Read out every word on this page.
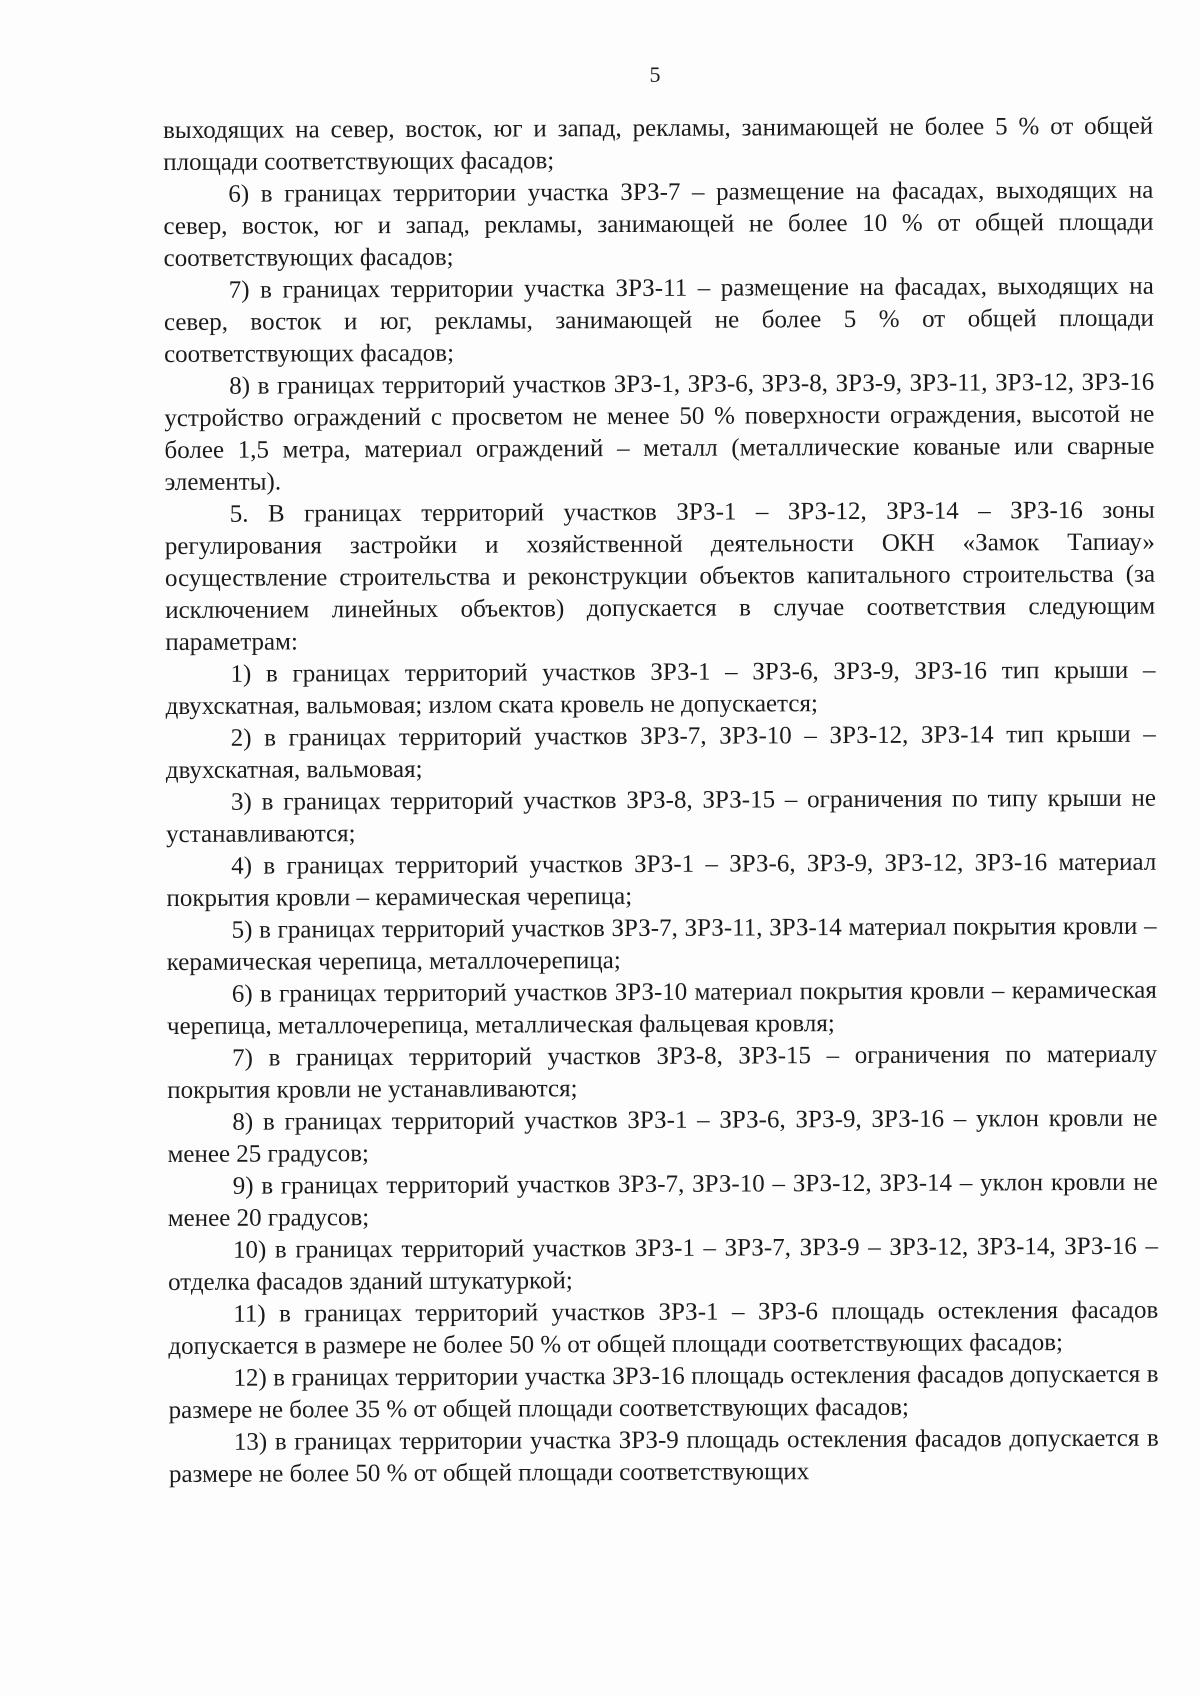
5

выходящих на север, восток, юг и запад, рекламы, занимающей не более 5 % от общей площади соответствующих фасадов;

6) в границах территории участка ЗРЗ-7 – размещение на фасадах, выходящих на север, восток, юг и запад, рекламы, занимающей не более 10 % от общей площади соответствующих фасадов;

7) в границах территории участка ЗРЗ-11 – размещение на фасадах, выходящих на север, восток и юг, рекламы, занимающей не более 5 % от общей площади соответствующих фасадов;

8) в границах территорий участков ЗРЗ-1, ЗРЗ-6, ЗРЗ-8, ЗРЗ-9, ЗРЗ-11, ЗРЗ-12, ЗРЗ-16 устройство ограждений с просветом не менее 50 % поверхности ограждения, высотой не более 1,5 метра, материал ограждений – металл (металлические кованые или сварные элементы).

5. В границах территорий участков ЗРЗ-1 – ЗРЗ-12, ЗРЗ-14 – ЗРЗ-16 зоны регулирования застройки и хозяйственной деятельности ОКН «Замок Тапиау» осуществление строительства и реконструкции объектов капитального строительства (за исключением линейных объектов) допускается в случае соответствия следующим параметрам:

1) в границах территорий участков ЗРЗ-1 – ЗРЗ-6, ЗРЗ-9, ЗРЗ-16 тип крыши – двухскатная, вальмовая; излом ската кровель не допускается;

2) в границах территорий участков ЗРЗ-7, ЗРЗ-10 – ЗРЗ-12, ЗРЗ-14 тип крыши – двухскатная, вальмовая;

3) в границах территорий участков ЗРЗ-8, ЗРЗ-15 – ограничения по типу крыши не устанавливаются;

4) в границах территорий участков ЗРЗ-1 – ЗРЗ-6, ЗРЗ-9, ЗРЗ-12, ЗРЗ-16 материал покрытия кровли – керамическая черепица;

5) в границах территорий участков ЗРЗ-7, ЗРЗ-11, ЗРЗ-14 материал покрытия кровли – керамическая черепица, металлочерепица;

6) в границах территорий участков ЗРЗ-10 материал покрытия кровли – керамическая черепица, металлочерепица, металлическая фальцевая кровля;

7) в границах территорий участков ЗРЗ-8, ЗРЗ-15 – ограничения по материалу покрытия кровли не устанавливаются;

8) в границах территорий участков ЗРЗ-1 – ЗРЗ-6, ЗРЗ-9, ЗРЗ-16 – уклон кровли не менее 25 градусов;

9) в границах территорий участков ЗРЗ-7, ЗРЗ-10 – ЗРЗ-12, ЗРЗ-14 – уклон кровли не менее 20 градусов;

10) в границах территорий участков ЗРЗ-1 – ЗРЗ-7, ЗРЗ-9 – ЗРЗ-12, ЗРЗ-14, ЗРЗ-16 – отделка фасадов зданий штукатуркой;

11) в границах территорий участков ЗРЗ-1 – ЗРЗ-6 площадь остекления фасадов допускается в размере не более 50 % от общей площади соответствующих фасадов;

12) в границах территории участка ЗРЗ-16 площадь остекления фасадов допускается в размере не более 35 % от общей площади соответствующих фасадов;

13) в границах территории участка ЗРЗ-9 площадь остекления фасадов допускается в размере не более 50 % от общей площади соответствующих
